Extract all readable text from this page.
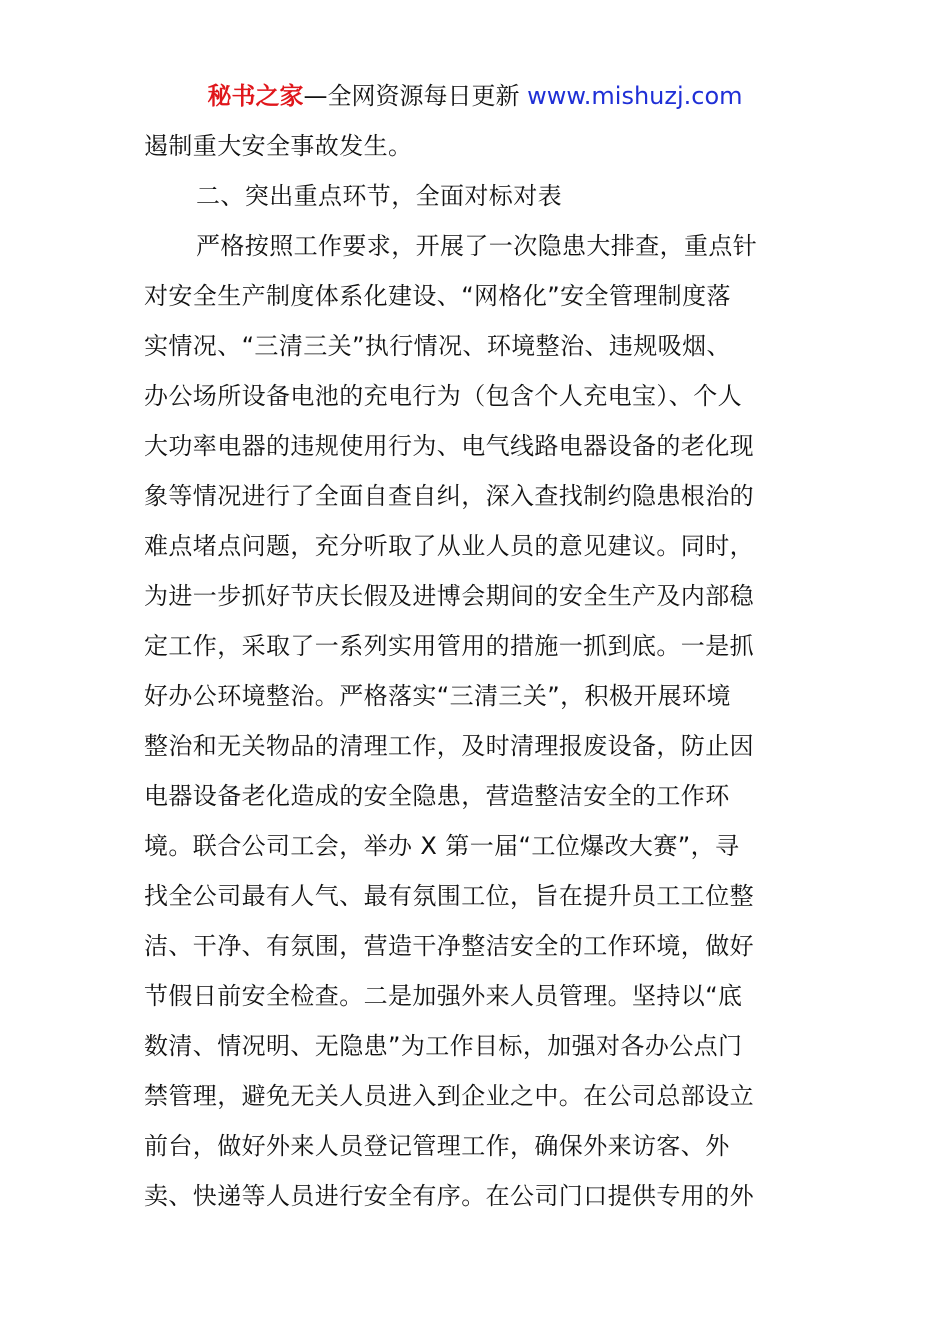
秘书之家—全网资源每日更新 www.mishuzj.com
遏制重大安全事故发生。
二、突出重点环节，全面对标对表
严格按照工作要求，开展了一次隐患大排查，重点针
对安全生产制度体系化建设、“网格化”安全管理制度落
实情况、“三清三关”执行情况、环境整治、违规吸烟、
办公场所设备电池的充电行为（包含个人充电宝）、个人
大功率电器的违规使用行为、电气线路电器设备的老化现
象等情况进行了全面自查自纠，深入查找制约隐患根治的
难点堵点问题，充分听取了从业人员的意见建议。同时，
为进一步抓好节庆长假及进博会期间的安全生产及内部稳
定工作，采取了一系列实用管用的措施一抓到底。一是抓
好办公环境整治。严格落实“三清三关”，积极开展环境
整治和无关物品的清理工作，及时清理报废设备，防止因
电器设备老化造成的安全隐患，营造整洁安全的工作环
境。联合公司工会，举办 X 第一届“工位爆改大赛”，寻
找全公司最有人气、最有氛围工位，旨在提升员工工位整
洁、干净、有氛围，营造干净整洁安全的工作环境，做好
节假日前安全检查。二是加强外来人员管理。坚持以“底
数清、情况明、无隐患”为工作目标，加强对各办公点门
禁管理，避免无关人员进入到企业之中。在公司总部设立
前台，做好外来人员登记管理工作，确保外来访客、外
卖、快递等人员进行安全有序。在公司门口提供专用的外
